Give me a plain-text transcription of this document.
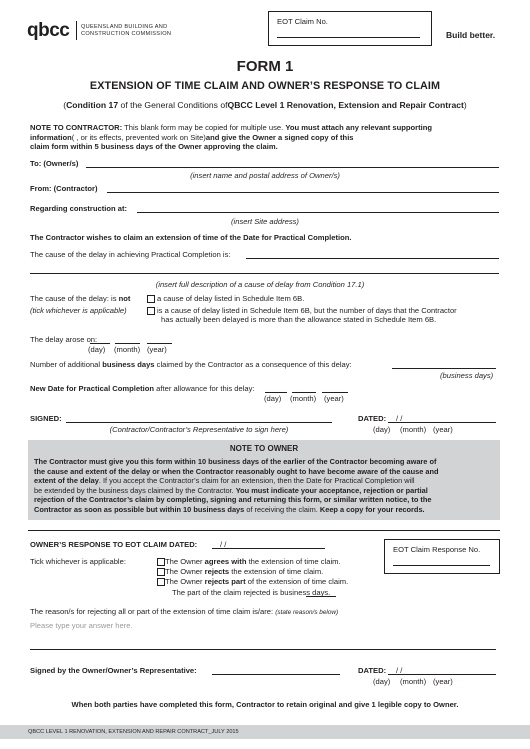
qbcc QUEENSLAND BUILDING AND
CONSTRUCTION COMMISSION
EOT Claim No.
Build better.
FORM 1
EXTENSION OF TIME CLAIM AND OWNER’S RESPONSE TO CLAIM
(Condition 17 of the General Conditions ofQBCC Level 1 Renovation, Extension and Repair Contract)
NOTE TO CONTRACTOR: This blank form may be copied for multiple use. You must attach any relevant supporting
information( , or its effects, prevented work on Site)and give the Owner a signed copy of this
claim form within 5 business days of the Owner approving the claim.
To: (Owner/s)
(insert name and postal address of Owner/s)
From: (Contractor)
Regarding construction at:
(insert Site address)
The Contractor wishes to claim an extension of time of the Date for Practical Completion.
The cause of the delay in achieving Practical Completion is:
(insert full description of a cause of delay from Condition 17.1)
The cause of the delay: is not	a cause of delay listed in Schedule Item 6B.
(tick whichever is applicable)	is a cause of delay listed in Schedule Item 6B, but the number of days that the Contractor
has actually been delayed is more than the allowance stated in Schedule Item 6B.
The delay arose on:
(day) (month) (year)
Number of additional business days claimed by the Contractor as a consequence of this delay:
(business days)
New Date for Practical Completion after allowance for this delay:
(day) (month) (year)
SIGNED:
(Contractor/Contractor’s Representative to sign here)
DATED: / /
(day) (month) (year)
NOTE TO OWNER
The Contractor must give you this form within 10 business days of the earlier of the Contractor becoming aware of
the cause and extent of the delay or when the Contractor reasonably ought to have become aware of the cause and
extent of the delay. If you accept the Contractor’s claim for an extension, then the Date for Practical Completion will
be extended by the business days claimed by the Contractor. You must indicate your acceptance, rejection or partial
rejection of the Contractor’s claim by completing, signing and returning this form, or similar written notice, to the
Contractor as soon as possible but within 10 business days of receiving the claim. Keep a copy for your records.
OWNER’S RESPONSE TO EOT CLAIM DATED:	/ /
EOT Claim Response No.
Tick whichever is applicable:	The Owner agrees with the extension of time claim.
The Owner rejects the extension of time claim.
The Owner rejects part of the extension of time claim.
The part of the claim rejected is business days.
The reason/s for rejecting all or part of the extension of time claim is/are: (state reason/s below)
Please type your answer here.
Signed by the Owner/Owner’s Representative:	DATED: / /
(day) (month) (year)
When both parties have completed this form, Contractor to retain original and give 1 legible copy to Owner.
QBCC LEVEL 1 RENOVATION, EXTENSION AND REPAIR CONTRACT_JULY 2015
